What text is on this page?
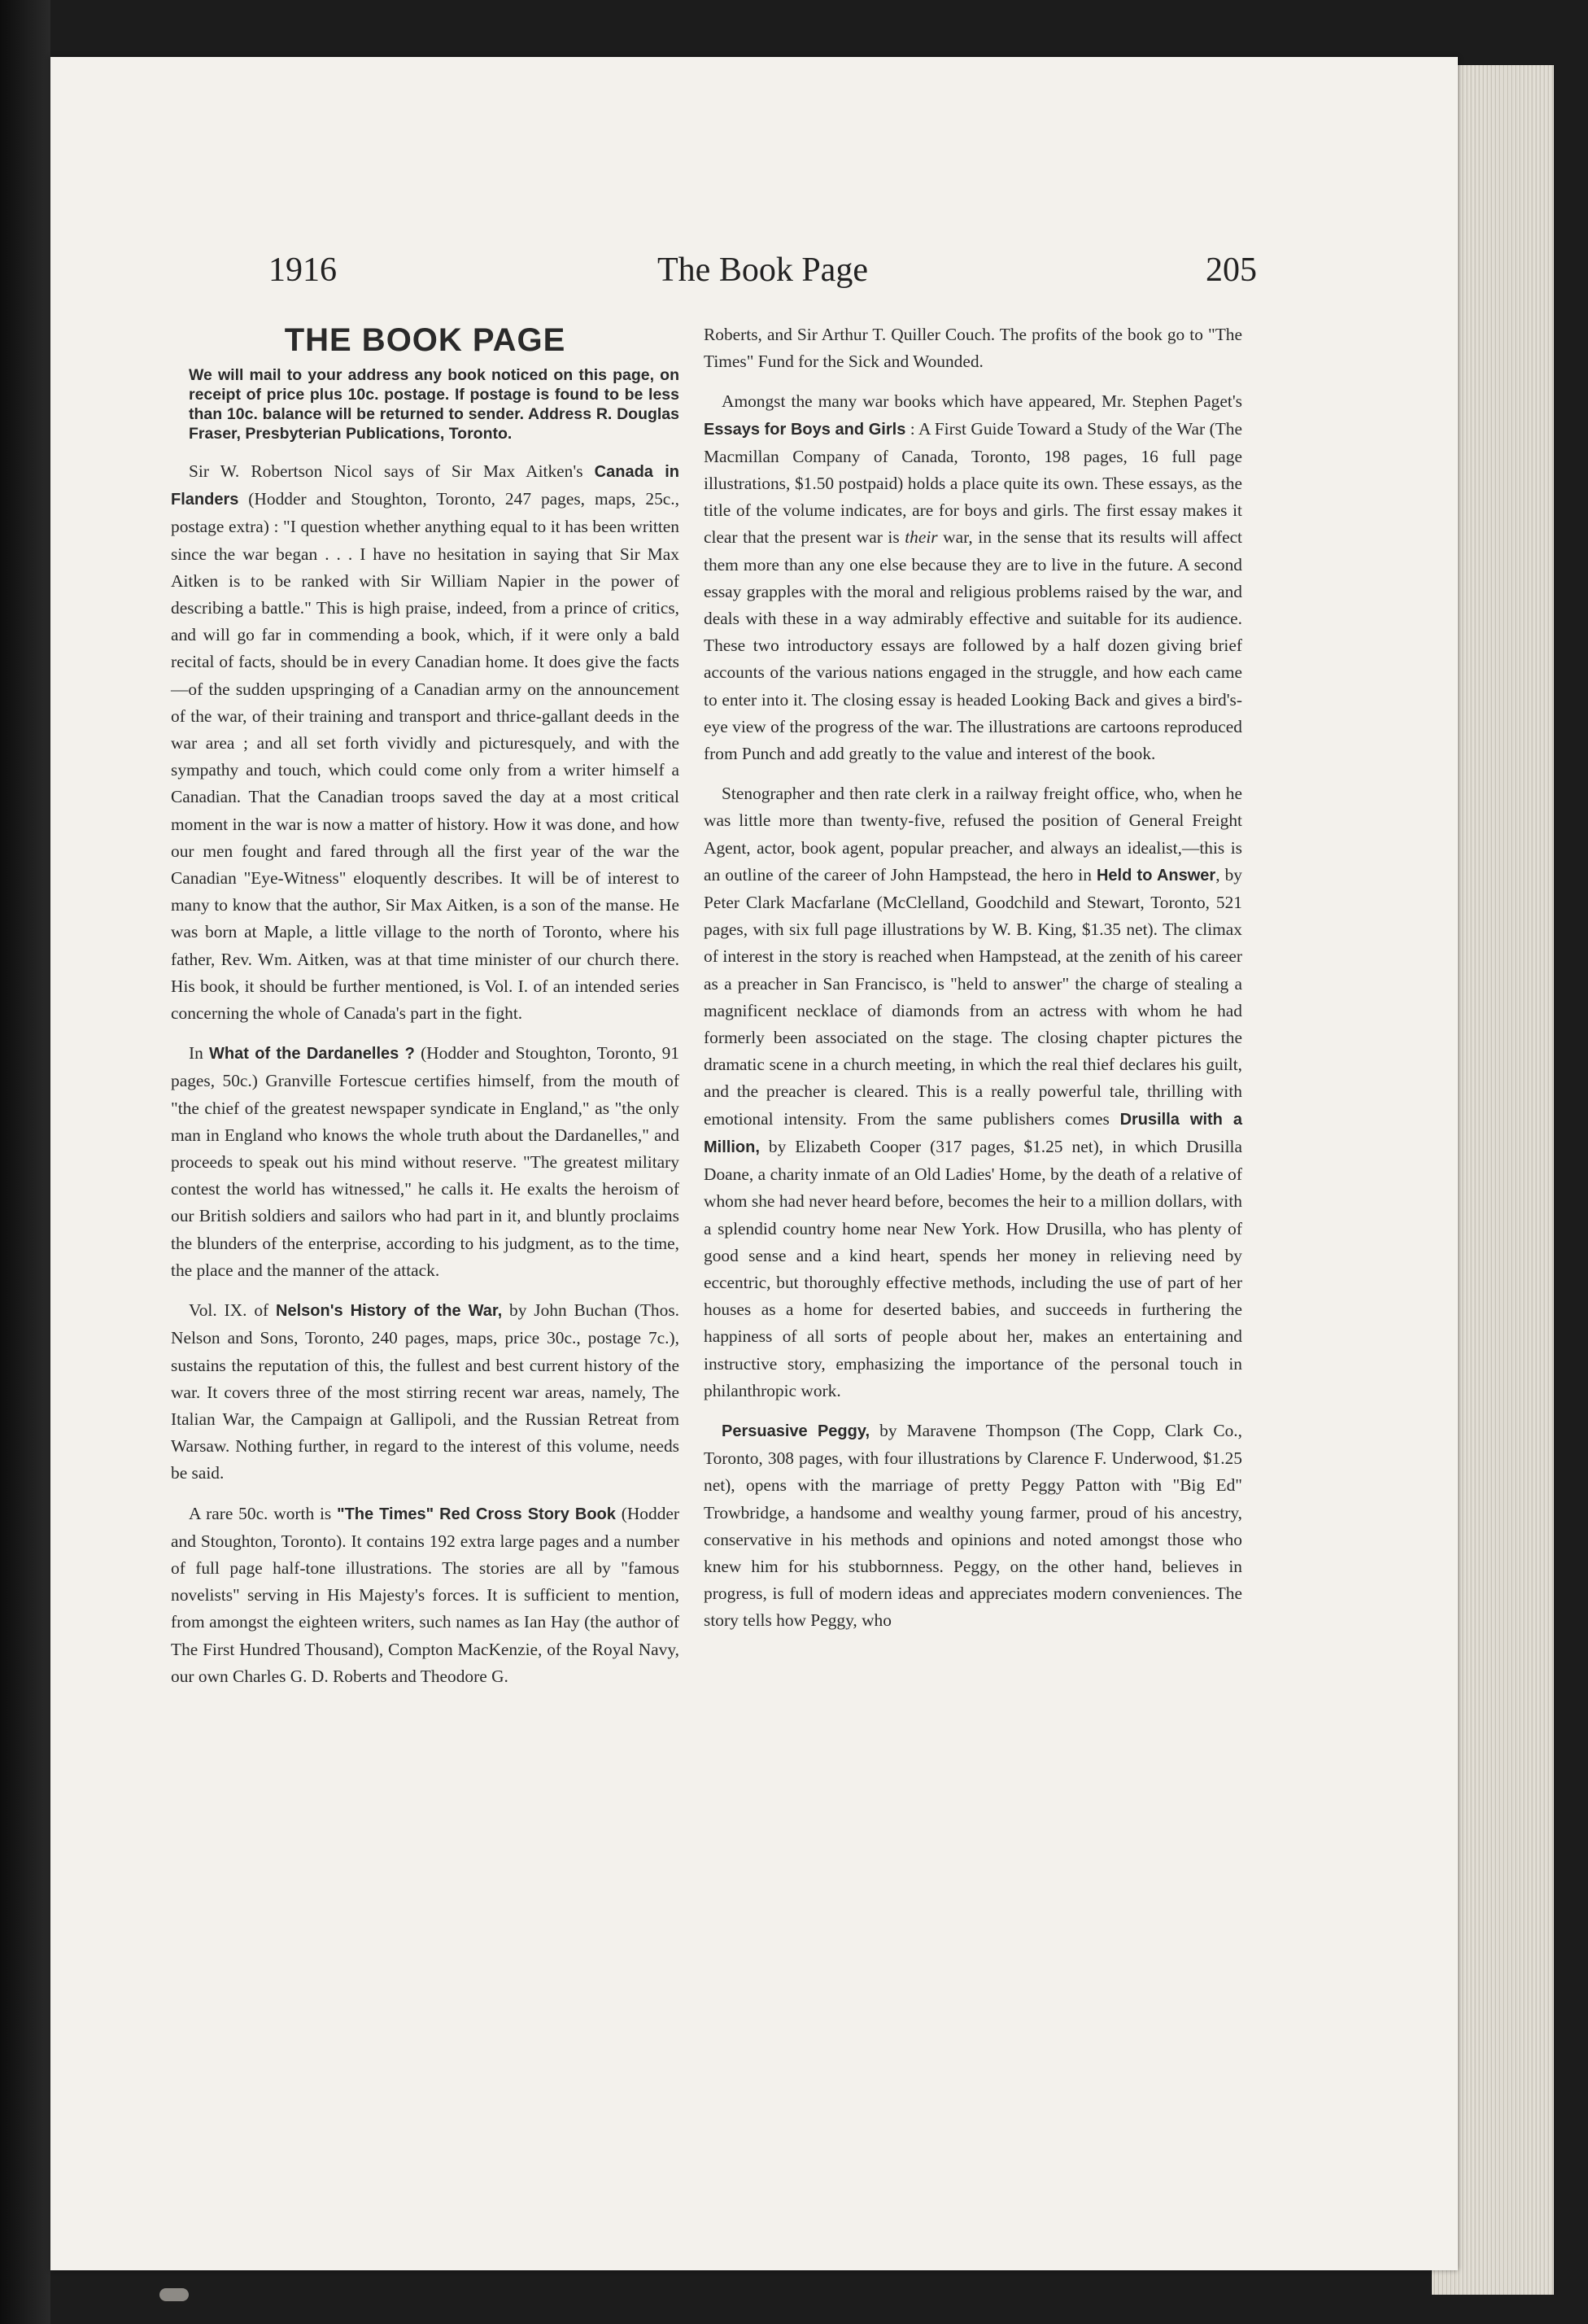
1916	The Book Page	205
THE BOOK PAGE
We will mail to your address any book noticed on this page, on receipt of price plus 10c. postage. If postage is found to be less than 10c. balance will be returned to sender. Address R. Douglas Fraser, Presbyterian Publications, Toronto.

Sir W. Robertson Nicol says of Sir Max Aitken's Canada in Flanders (Hodder and Stoughton, Toronto, 247 pages, maps, 25c., postage extra) : "I question whether anything equal to it has been written since the war began . . . I have no hesitation in saying that Sir Max Aitken is to be ranked with Sir William Napier in the power of describing a battle." This is high praise, indeed, from a prince of critics, and will go far in commending a book, which, if it were only a bald recital of facts, should be in every Canadian home. It does give the facts—of the sudden upspringing of a Canadian army on the announcement of the war, of their training and transport and thrice-gallant deeds in the war area ; and all set forth vividly and picturesquely, and with the sympathy and touch, which could come only from a writer himself a Canadian. That the Canadian troops saved the day at a most critical moment in the war is now a matter of history. How it was done, and how our men fought and fared through all the first year of the war the Canadian "Eye-Witness" eloquently describes. It will be of interest to many to know that the author, Sir Max Aitken, is a son of the manse. He was born at Maple, a little village to the north of Toronto, where his father, Rev. Wm. Aitken, was at that time minister of our church there. His book, it should be further mentioned, is Vol. I. of an intended series concerning the whole of Canada's part in the fight.

In What of the Dardanelles ? (Hodder and Stoughton, Toronto, 91 pages, 50c.) Granville Fortescue certifies himself, from the mouth of "the chief of the greatest newspaper syndicate in England," as "the only man in England who knows the whole truth about the Dardanelles," and proceeds to speak out his mind without reserve. "The greatest military contest the world has witnessed," he calls it. He exalts the heroism of our British soldiers and sailors who had part in it, and bluntly proclaims the blunders of the enterprise, according to his judgment, as to the time, the place and the manner of the attack.

Vol. IX. of Nelson's History of the War, by John Buchan (Thos. Nelson and Sons, Toronto, 240 pages, maps, price 30c., postage 7c.), sustains the reputation of this, the fullest and best current history of the war. It covers three of the most stirring recent war areas, namely, The Italian War, the Campaign at Gallipoli, and the Russian Retreat from Warsaw. Nothing further, in regard to the interest of this volume, needs be said.

A rare 50c. worth is "The Times" Red Cross Story Book (Hodder and Stoughton, Toronto). It contains 192 extra large pages and a number of full page half-tone illustrations. The stories are all by "famous novelists" serving in His Majesty's forces. It is sufficient to mention, from amongst the eighteen writers, such names as Ian Hay (the author of The First Hundred Thousand), Compton MacKenzie, of the Royal Navy, our own Charles G. D. Roberts and Theodore G.

Roberts, and Sir Arthur T. Quiller Couch. The profits of the book go to "The Times" Fund for the Sick and Wounded.

Amongst the many war books which have appeared, Mr. Stephen Paget's Essays for Boys and Girls : A First Guide Toward a Study of the War (The Macmillan Company of Canada, Toronto, 198 pages, 16 full page illustrations, $1.50 postpaid) holds a place quite its own. These essays, as the title of the volume indicates, are for boys and girls. The first essay makes it clear that the present war is their war, in the sense that its results will affect them more than any one else because they are to live in the future. A second essay grapples with the moral and religious problems raised by the war, and deals with these in a way admirably effective and suitable for its audience. These two introductory essays are followed by a half dozen giving brief accounts of the various nations engaged in the struggle, and how each came to enter into it. The closing essay is headed Looking Back and gives a bird's-eye view of the progress of the war. The illustrations are cartoons reproduced from Punch and add greatly to the value and interest of the book.

Stenographer and then rate clerk in a railway freight office, who, when he was little more than twenty-five, refused the position of General Freight Agent, actor, book agent, popular preacher, and always an idealist,—this is an outline of the career of John Hampstead, the hero in Held to Answer, by Peter Clark Macfarlane (McClelland, Goodchild and Stewart, Toronto, 521 pages, with six full page illustrations by W. B. King, $1.35 net). The climax of interest in the story is reached when Hampstead, at the zenith of his career as a preacher in San Francisco, is "held to answer" the charge of stealing a magnificent necklace of diamonds from an actress with whom he had formerly been associated on the stage. The closing chapter pictures the dramatic scene in a church meeting, in which the real thief declares his guilt, and the preacher is cleared. This is a really powerful tale, thrilling with emotional intensity. From the same publishers comes Drusilla with a Million, by Elizabeth Cooper (317 pages, $1.25 net), in which Drusilla Doane, a charity inmate of an Old Ladies' Home, by the death of a relative of whom she had never heard before, becomes the heir to a million dollars, with a splendid country home near New York. How Drusilla, who has plenty of good sense and a kind heart, spends her money in relieving need by eccentric, but thoroughly effective methods, including the use of part of her houses as a home for deserted babies, and succeeds in furthering the happiness of all sorts of people about her, makes an entertaining and instructive story, emphasizing the importance of the personal touch in philanthropic work.

Persuasive Peggy, by Maravene Thompson (The Copp, Clark Co., Toronto, 308 pages, with four illustrations by Clarence F. Underwood, $1.25 net), opens with the marriage of pretty Peggy Patton with "Big Ed" Trowbridge, a handsome and wealthy young farmer, proud of his ancestry, conservative in his methods and opinions and noted amongst those who knew him for his stubbornness. Peggy, on the other hand, believes in progress, is full of modern ideas and appreciates modern conveniences. The story tells how Peggy, who
